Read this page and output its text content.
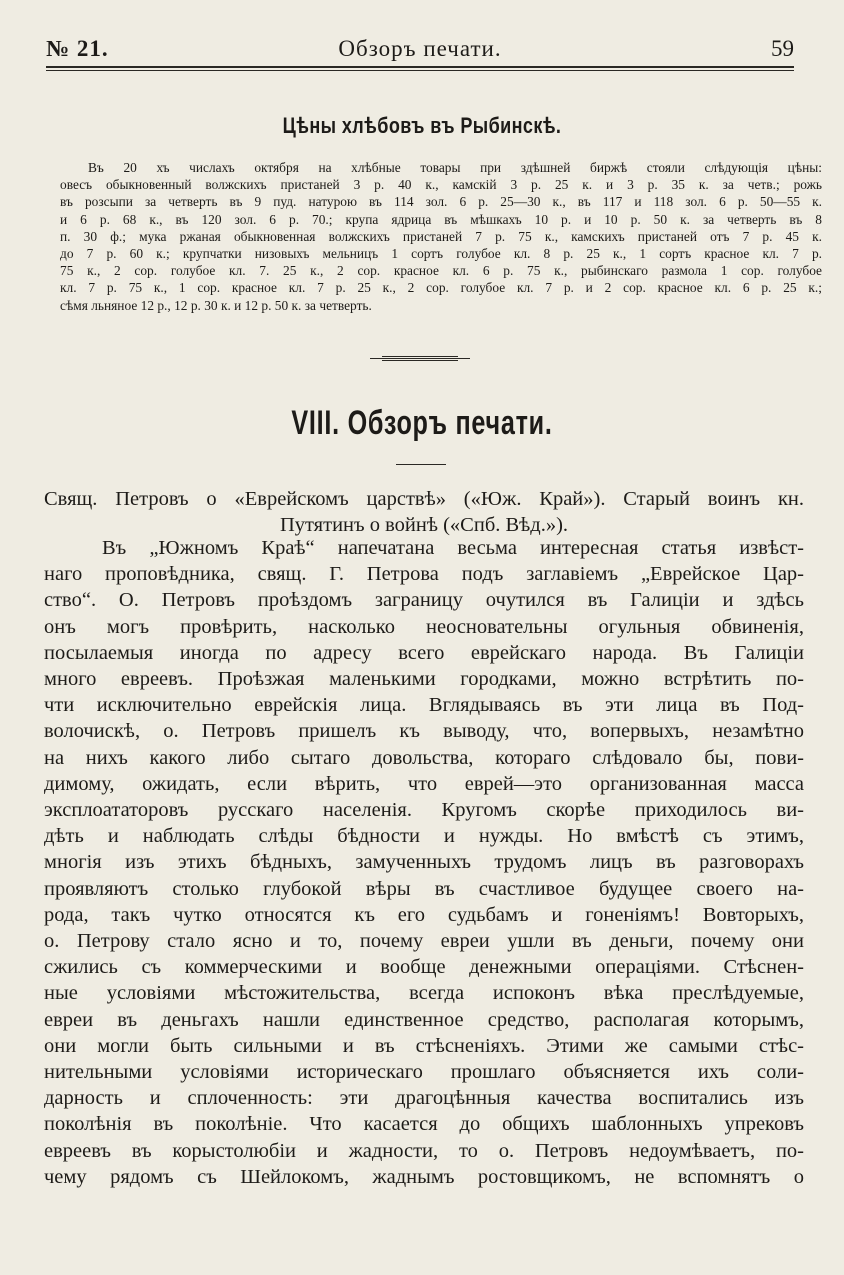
№ 21.	Обзоръ печати.	59
Цѣны хлѣбовъ въ Рыбинскѣ.
Въ 20 хъ числахъ октября на хлѣбные товары при здѣшней биржѣ стояли слѣдующія цѣны:
овесъ обыкновенный волжскихъ пристаней 3 р. 40 к., камскій 3 р. 25 к. и 3 р. 35 к. за четв.; рожь
въ розсыпи за четверть въ 9 пуд. натурою въ 114 зол. 6 р. 25—30 к., въ 117 и 118 зол. 6 р. 50—55 к.
и 6 р. 68 к., въ 120 зол. 6 р. 70.; крупа ядрица въ мѣшкахъ 10 р. и 10 р. 50 к. за четверть въ 8
п. 30 ф.; мука ржаная обыкновенная волжскихъ пристаней 7 р. 75 к., камскихъ пристаней отъ 7 р. 45 к.
до 7 р. 60 к.; крупчатки низовыхъ мельницъ 1 сортъ голубое кл. 8 р. 25 к., 1 сортъ красное кл. 7 р.
75 к., 2 сор. голубое кл. 7. 25 к., 2 сор. красное кл. 6 р. 75 к., рыбинскаго размола 1 сор. голубое
кл. 7 р. 75 к., 1 сор. красное кл. 7 р. 25 к., 2 сор. голубое кл. 7 р. и 2 сор. красное кл. 6 р. 25 к.;
сѣмя льняное 12 р., 12 р. 30 к. и 12 р. 50 к. за четверть.
VIII. Обзоръ печати.
Свящ. Петровъ о «Еврейскомъ царствѣ» («Юж. Край»). Старый воинъ кн.
Путятинъ о войнѣ («Спб. Вѣд.»).
Въ „Южномъ Краѣ“ напечатана весьма интересная статья извѣст-
наго проповѣдника, свящ. Г. Петрова подъ заглавіемъ „Еврейское Цар-
ство“. О. Петровъ проѣздомъ заграницу очутился въ Галиціи и здѣсь
онъ могъ провѣрить, насколько неосновательны огульныя обвиненія,
посылаемыя иногда по адресу всего еврейскаго народа. Въ Галиціи
много евреевъ. Проѣзжая маленькими городками, можно встрѣтить по-
чти исключительно еврейскія лица. Вглядываясь въ эти лица въ Под-
волочискѣ, о. Петровъ пришелъ къ выводу, что, вопервыхъ, незамѣтно
на нихъ какого либо сытаго довольства, котораго слѣдовало бы, пови-
димому, ожидать, если вѣрить, что еврей—это организованная масса
эксплоататоровъ русскаго населенія. Кругомъ скорѣе приходилось ви-
дѣть и наблюдать слѣды бѣдности и нужды. Но вмѣстѣ съ этимъ,
многія изъ этихъ бѣдныхъ, замученныхъ трудомъ лицъ въ разговорахъ
проявляютъ столько глубокой вѣры въ счастливое будущее своего на-
рода, такъ чутко относятся къ его судьбамъ и гоненіямъ! Вовторыхъ,
о. Петрову стало ясно и то, почему евреи ушли въ деньги, почему они
сжились съ коммерческими и вообще денежными операціями. Стѣснен-
ные условіями мѣстожительства, всегда испоконъ вѣка преслѣдуемые,
евреи въ деньгахъ нашли единственное средство, располагая которымъ,
они могли быть сильными и въ стѣсненіяхъ. Этими же самыми стѣс-
нительными условіями историческаго прошлаго объясняется ихъ соли-
дарность и сплоченность: эти драгоцѣнныя качества воспитались изъ
поколѣнія въ поколѣніе. Что касается до общихъ шаблонныхъ упрековъ
евреевъ въ корыстолюбіи и жадности, то о. Петровъ недоумѣваетъ, по-
чему рядомъ съ Шейлокомъ, жаднымъ ростовщикомъ, не вспомнятъ о
